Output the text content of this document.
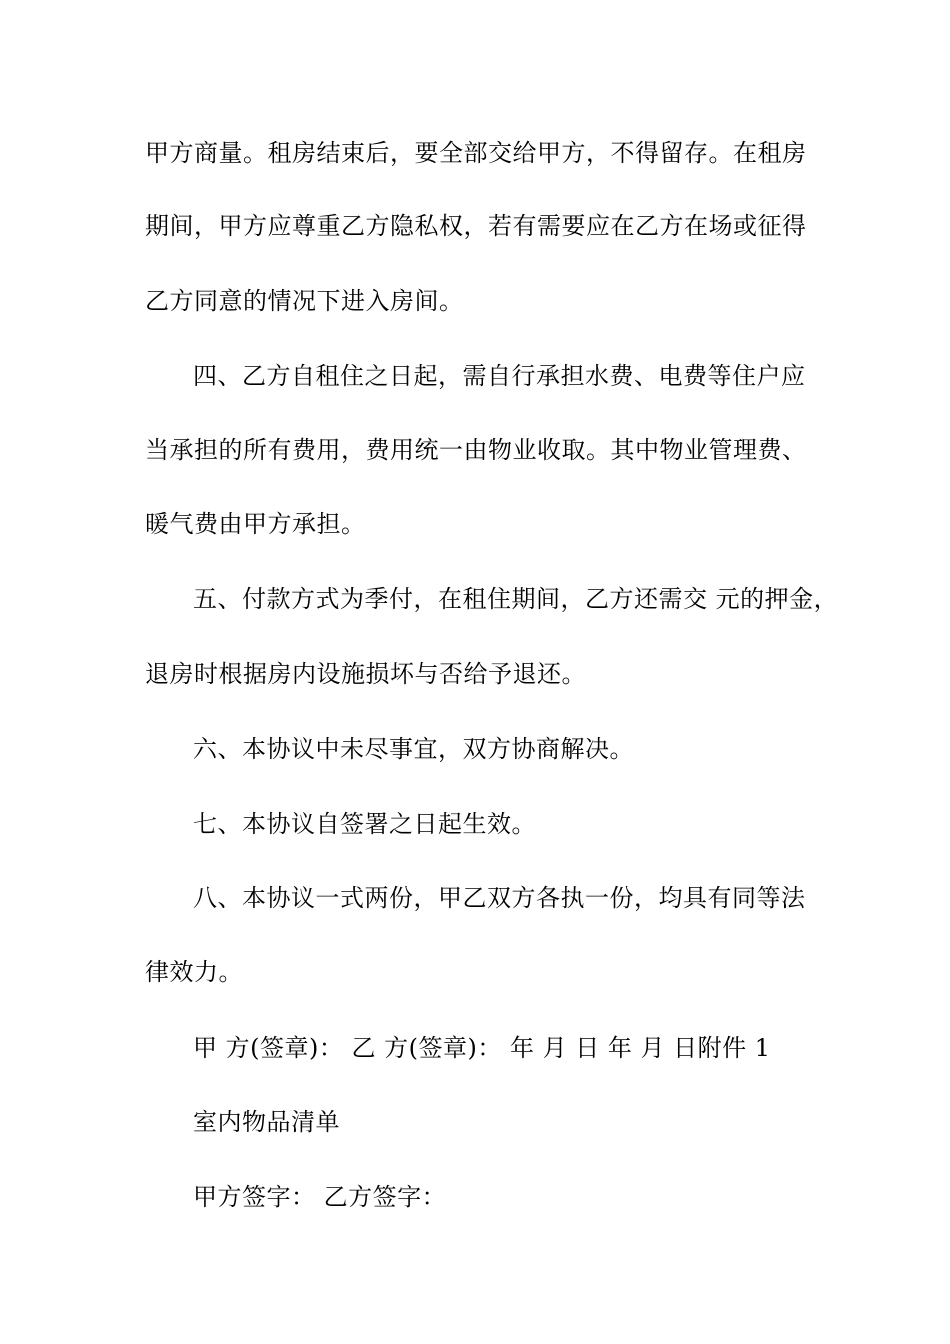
甲方商量。租房结束后，要全部交给甲方，不得留存。在租房
期间，甲方应尊重乙方隐私权，若有需要应在乙方在场或征得
乙方同意的情况下进入房间。
四、乙方自租住之日起，需自行承担水费、电费等住户应
当承担的所有费用，费用统一由物业收取。其中物业管理费、
暖气费由甲方承担。
五、付款方式为季付，在租住期间，乙方还需交 元的押金，
退房时根据房内设施损坏与否给予退还。
六、本协议中未尽事宜，双方协商解决。
七、本协议自签署之日起生效。
八、本协议一式两份，甲乙双方各执一份，均具有同等法
律效力。
甲 方(签章)： 乙 方(签章)： 年 月 日 年 月 日附件 1
室内物品清单
甲方签字： 乙方签字：
